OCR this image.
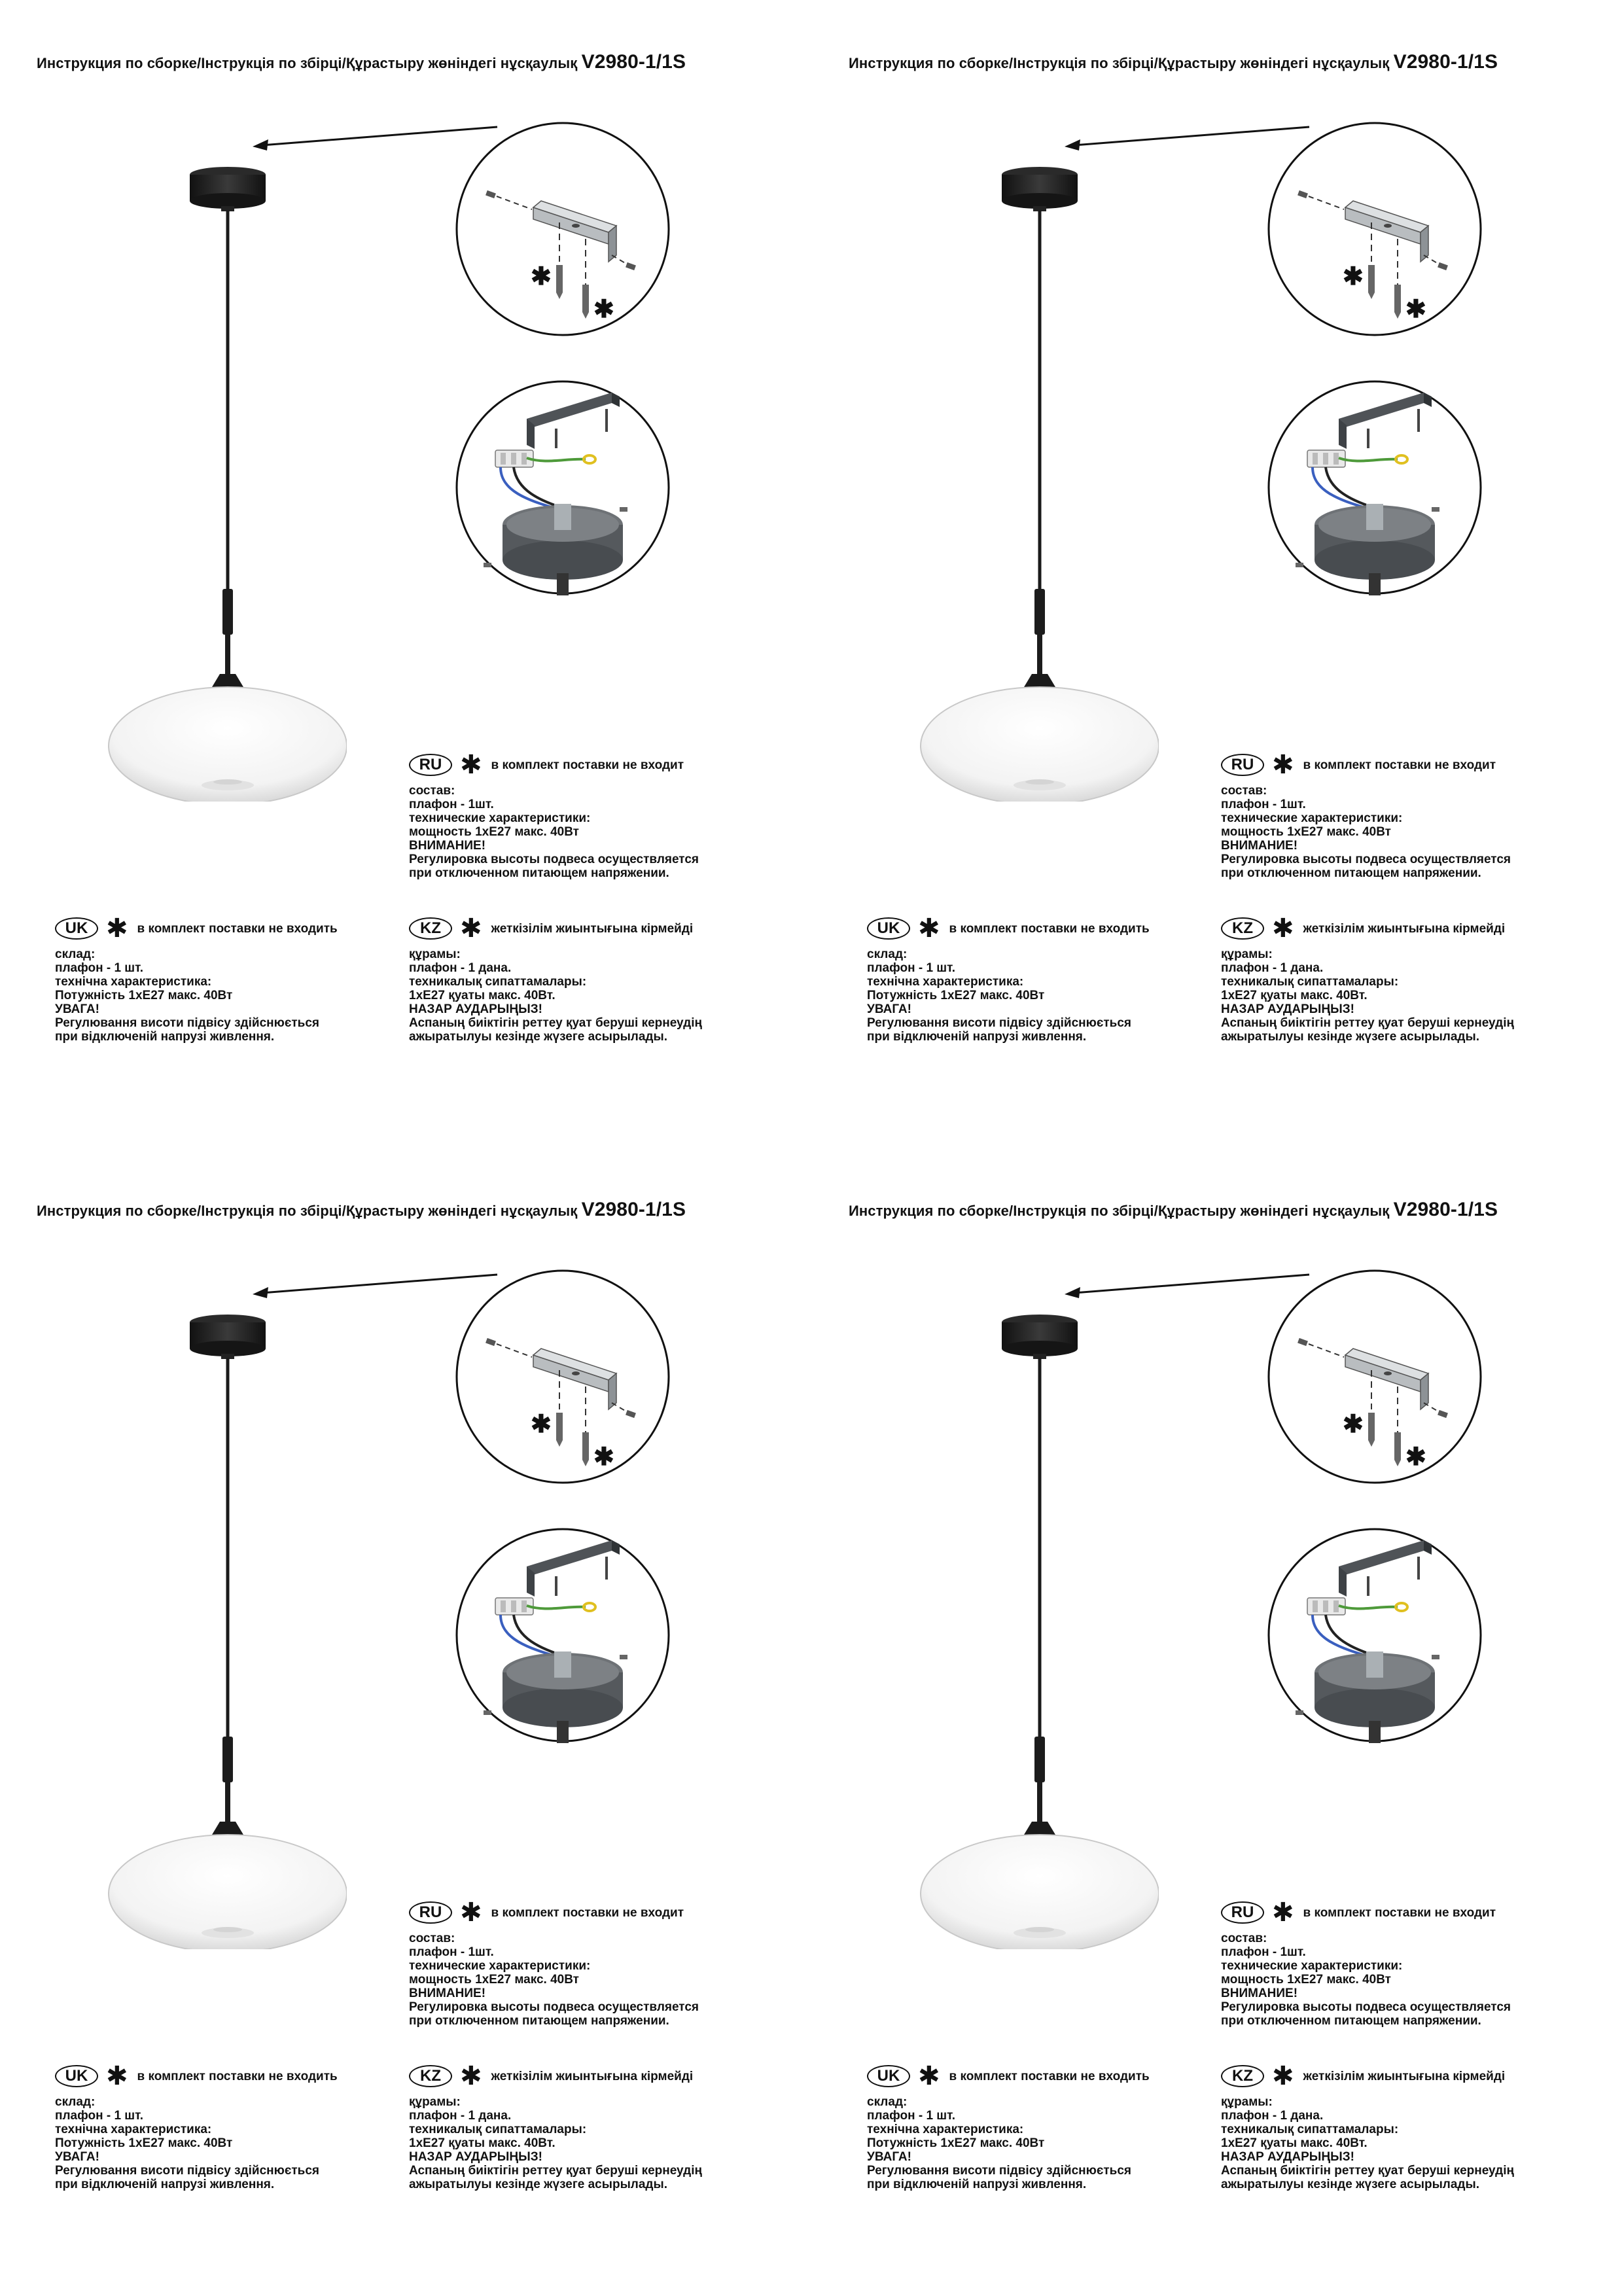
Инструкция по сборке/Інструкція по збірці/Құрастыру жөніндегі нұсқаулық V2980-1/1S
✱
✱
RU ✱ в комплект поставки не входит
состав:
плафон - 1шт.
технические характеристики:
мощность 1хЕ27 макс. 40Вт
ВНИМАНИЕ!
Регулировка высоты подвеса осуществляется
при отключенном питающем напряжении.
UK ✱ в комплект поставки не входить
склад:
плафон - 1 шт.
технічна характеристика:
Потужність 1хЕ27 макс. 40Вт
УВАГА!
Регулювання висоти підвісу здійснюється
при відключеній напрузі живлення.
KZ ✱ жеткізілім жиынтығына кірмейді
құрамы:
плафон - 1 дана.
техникалық сипаттамалары:
1хЕ27 қуаты макс. 40Вт.
НАЗАР АУДАРЫҢЫЗ!
Аспаның биіктігін реттеу қуат беруші кернеудің
ажыратылуы кезінде жүзеге асырылады.
Инструкция по сборке/Інструкція по збірці/Құрастыру жөніндегі нұсқаулық V2980-1/1S
✱
✱
RU ✱ в комплект поставки не входит
состав:
плафон - 1шт.
технические характеристики:
мощность 1хЕ27 макс. 40Вт
ВНИМАНИЕ!
Регулировка высоты подвеса осуществляется
при отключенном питающем напряжении.
UK ✱ в комплект поставки не входить
склад:
плафон - 1 шт.
технічна характеристика:
Потужність 1хЕ27 макс. 40Вт
УВАГА!
Регулювання висоти підвісу здійснюється
при відключеній напрузі живлення.
KZ ✱ жеткізілім жиынтығына кірмейді
құрамы:
плафон - 1 дана.
техникалық сипаттамалары:
1хЕ27 қуаты макс. 40Вт.
НАЗАР АУДАРЫҢЫЗ!
Аспаның биіктігін реттеу қуат беруші кернеудің
ажыратылуы кезінде жүзеге асырылады.
Инструкция по сборке/Інструкція по збірці/Құрастыру жөніндегі нұсқаулық V2980-1/1S
✱
✱
RU ✱ в комплект поставки не входит
состав:
плафон - 1шт.
технические характеристики:
мощность 1хЕ27 макс. 40Вт
ВНИМАНИЕ!
Регулировка высоты подвеса осуществляется
при отключенном питающем напряжении.
UK ✱ в комплект поставки не входить
склад:
плафон - 1 шт.
технічна характеристика:
Потужність 1хЕ27 макс. 40Вт
УВАГА!
Регулювання висоти підвісу здійснюється
при відключеній напрузі живлення.
KZ ✱ жеткізілім жиынтығына кірмейді
құрамы:
плафон - 1 дана.
техникалық сипаттамалары:
1хЕ27 қуаты макс. 40Вт.
НАЗАР АУДАРЫҢЫЗ!
Аспаның биіктігін реттеу қуат беруші кернеудің
ажыратылуы кезінде жүзеге асырылады.
Инструкция по сборке/Інструкція по збірці/Құрастыру жөніндегі нұсқаулық V2980-1/1S
✱
✱
RU ✱ в комплект поставки не входит
состав:
плафон - 1шт.
технические характеристики:
мощность 1хЕ27 макс. 40Вт
ВНИМАНИЕ!
Регулировка высоты подвеса осуществляется
при отключенном питающем напряжении.
UK ✱ в комплект поставки не входить
склад:
плафон - 1 шт.
технічна характеристика:
Потужність 1хЕ27 макс. 40Вт
УВАГА!
Регулювання висоти підвісу здійснюється
при відключеній напрузі живлення.
KZ ✱ жеткізілім жиынтығына кірмейді
құрамы:
плафон - 1 дана.
техникалық сипаттамалары:
1хЕ27 қуаты макс. 40Вт.
НАЗАР АУДАРЫҢЫЗ!
Аспаның биіктігін реттеу қуат беруші кернеудің
ажыратылуы кезінде жүзеге асырылады.
